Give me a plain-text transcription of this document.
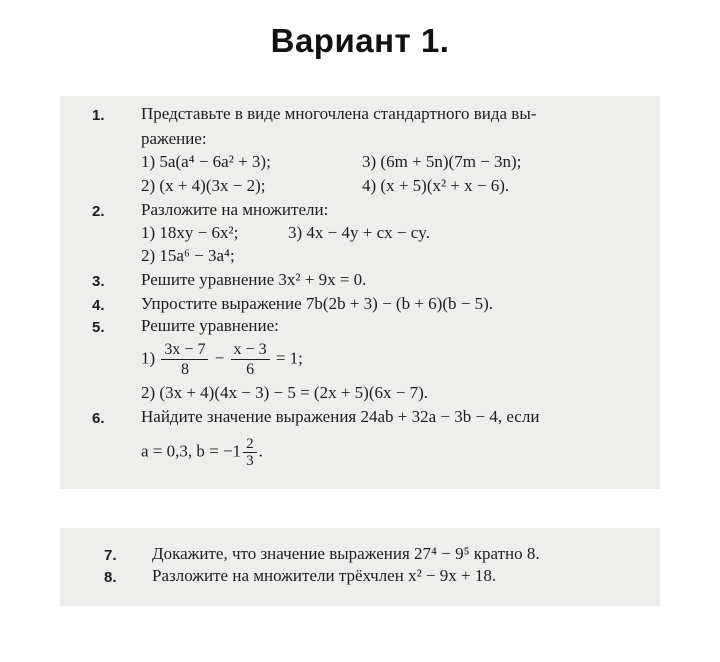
Вариант 1.
1. Представьте в виде многочлена стандартного вида вы-
ражение:
1) 5a(a⁴ − 6a² + 3);	3) (6m + 5n)(7m − 3n);
2) (x + 4)(3x − 2);	4) (x + 5)(x² + x − 6).
2. Разложите на множители:
1) 18xy − 6x²;	3) 4x − 4y + cx − cy.
2) 15a⁶ − 3a⁴;
3. Решите уравнение 3x² + 9x = 0.
4. Упростите выражение 7b(2b + 3) − (b + 6)(b − 5).
5. Решите уравнение:
$1) \frac{3x - 7}{8} - \frac{x - 3}{6} = 1$;
2) (3x + 4)(4x − 3) − 5 = (2x + 5)(6x − 7).
6. Найдите значение выражения 24ab + 32a − 3b − 4, если
a = 0,3, $b = -1 \frac{2}{3}$ .
7. Докажите, что значение выражения 27⁴ − 9⁵ кратно 8.
8. Разложите на множители трёхчлен x² − 9x + 18.
